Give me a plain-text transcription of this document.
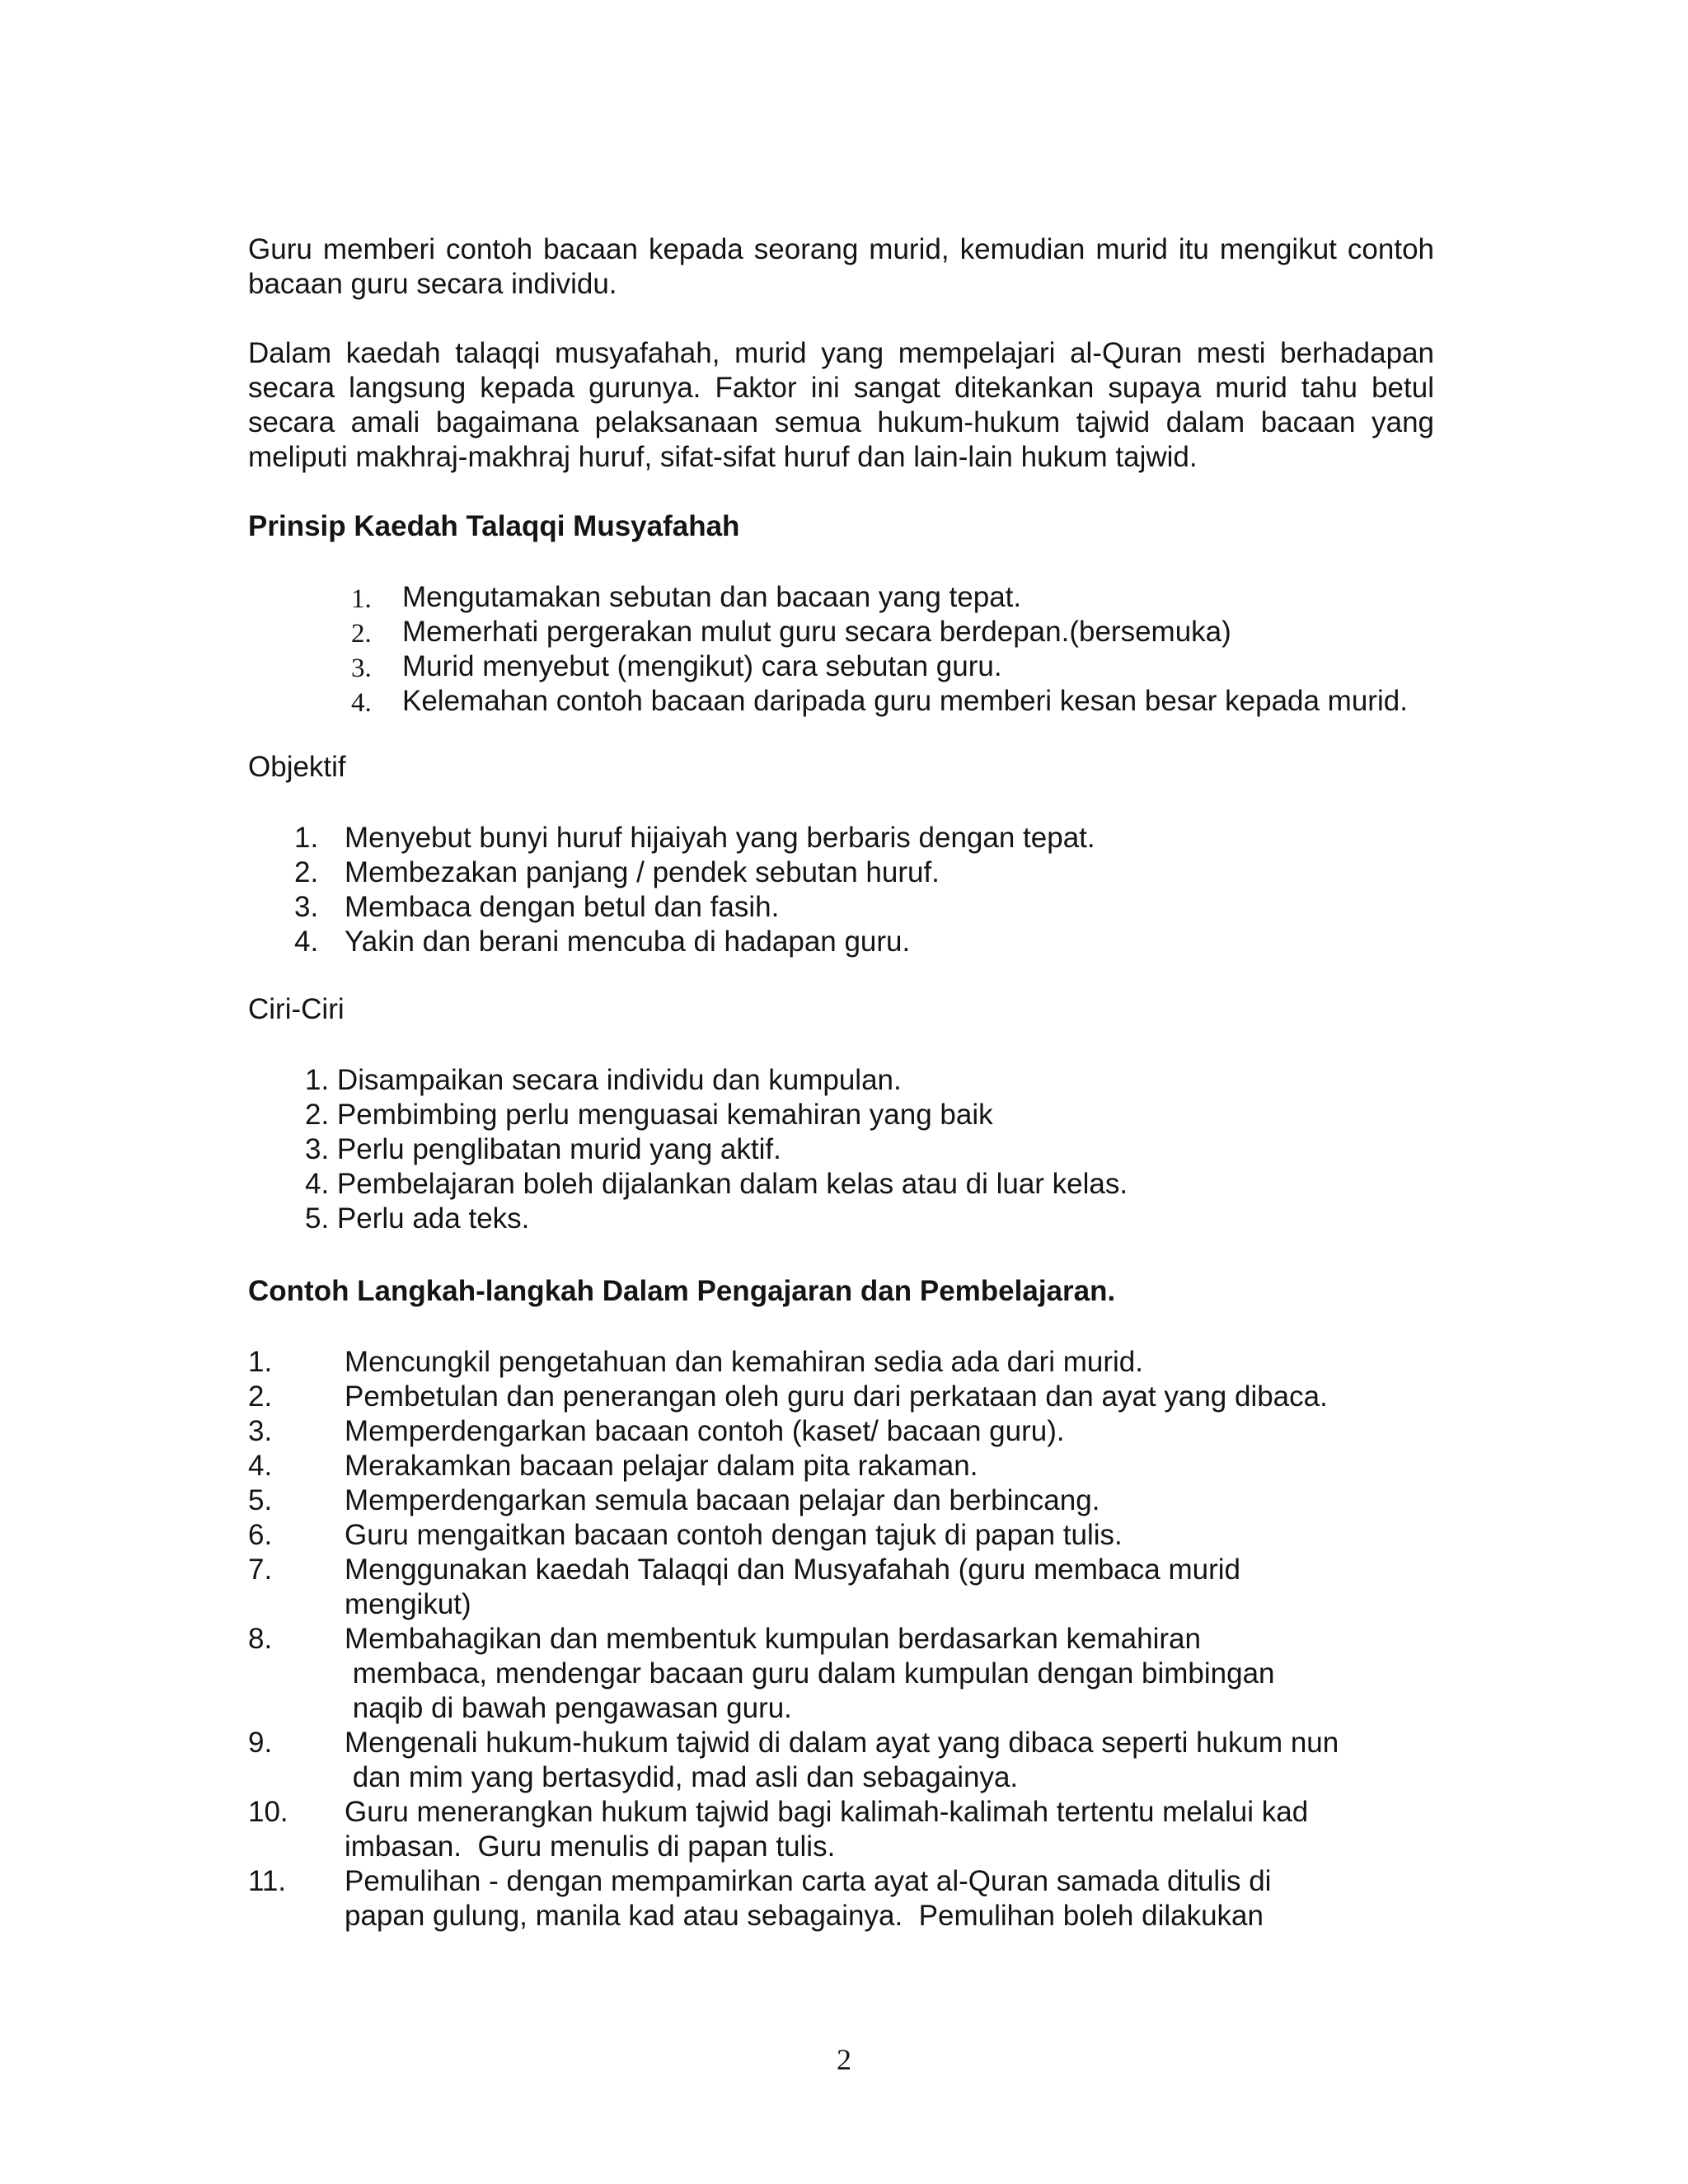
Guru memberi contoh bacaan kepada seorang murid, kemudian murid itu mengikut contoh bacaan guru secara individu.

Dalam kaedah talaqqi musyafahah, murid yang mempelajari al-Quran mesti berhadapan secara langsung kepada gurunya. Faktor ini sangat ditekankan supaya murid tahu betul secara amali bagaimana pelaksanaan semua hukum-hukum tajwid dalam bacaan yang meliputi makhraj-makhraj huruf, sifat-sifat huruf dan lain-lain hukum tajwid.

Prinsip Kaedah Talaqqi Musyafahah
1. Mengutamakan sebutan dan bacaan yang tepat.
2. Memerhati pergerakan mulut guru secara berdepan.(bersemuka)
3. Murid menyebut (mengikut) cara sebutan guru.
4. Kelemahan contoh bacaan daripada guru memberi kesan besar kepada murid.
Objektif
1. Menyebut bunyi huruf hijaiyah yang berbaris dengan tepat.
2. Membezakan panjang / pendek sebutan huruf.
3. Membaca dengan betul dan fasih.
4. Yakin dan berani mencuba di hadapan guru.
Ciri-Ciri
1. Disampaikan secara individu dan kumpulan.
2. Pembimbing perlu menguasai kemahiran yang baik
3. Perlu penglibatan murid yang aktif.
4. Pembelajaran boleh dijalankan dalam kelas atau di luar kelas.
5. Perlu ada teks.
Contoh Langkah-langkah Dalam Pengajaran dan Pembelajaran.
1.	Mencungkil pengetahuan dan kemahiran sedia ada dari murid.
2.	Pembetulan dan penerangan oleh guru dari perkataan dan ayat yang dibaca.
3.	Memperdengarkan bacaan contoh (kaset/ bacaan guru).
4.	Merakamkan bacaan pelajar dalam pita rakaman.
5.	Memperdengarkan semula bacaan pelajar dan berbincang.
6.	Guru mengaitkan bacaan contoh dengan tajuk di papan tulis.
7.	Menggunakan kaedah Talaqqi dan Musyafahah (guru membaca murid
mengikut)
8.	Membahagikan dan membentuk kumpulan berdasarkan kemahiran
membaca, mendengar bacaan guru dalam kumpulan dengan bimbingan
naqib di bawah pengawasan guru.
9.	Mengenali hukum-hukum tajwid di dalam ayat yang dibaca seperti hukum nun
dan mim yang bertasydid, mad asli dan sebagainya.
10. Guru menerangkan hukum tajwid bagi kalimah-kalimah tertentu melalui kad
imbasan.  Guru menulis di papan tulis.
11. Pemulihan - dengan mempamirkan carta ayat al-Quran samada ditulis di
papan gulung, manila kad atau sebagainya.  Pemulihan boleh dilakukan
2
